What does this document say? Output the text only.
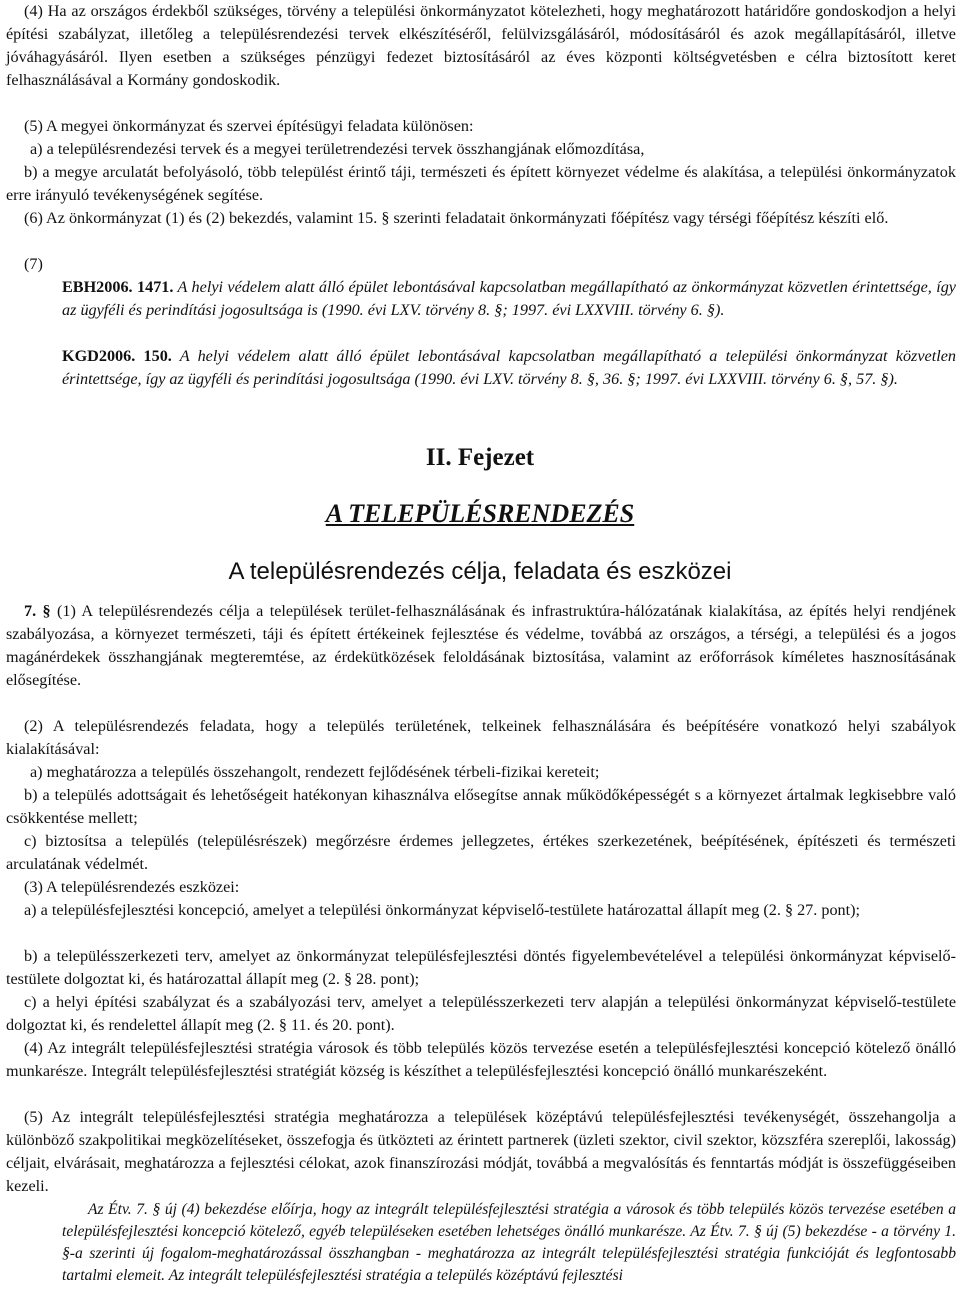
(4) Ha az országos érdekből szükséges, törvény a települési önkormányzatot kötelezheti, hogy meghatározott határidőre gondoskodjon a helyi építési szabályzat, illetőleg a településrendezési tervek elkészítéséről, felülvizsgálásáról, módosításáról és azok megállapításáról, illetve jóváhagyásáról. Ilyen esetben a szükséges pénzügyi fedezet biztosításáról az éves központi költségvetésben e célra biztosított keret felhasználásával a Kormány gondoskodik.
(5) A megyei önkormányzat és szervei építésügyi feladata különösen:
a) a településrendezési tervek és a megyei területrendezési tervek összhangjának előmozdítása,
b) a megye arculatát befolyásoló, több települést érintő táji, természeti és épített környezet védelme és alakítása, a települési önkormányzatok erre irányuló tevékenységének segítése.
(6) Az önkormányzat (1) és (2) bekezdés, valamint 15. § szerinti feladatait önkormányzati főépítész vagy térségi főépítész készíti elő.
(7)
EBH2006. 1471. A helyi védelem alatt álló épület lebontásával kapcsolatban megállapítható az önkormányzat közvetlen érintettsége, így az ügyféli és perindítási jogosultsága is (1990. évi LXV. törvény 8. §; 1997. évi LXXVIII. törvény 6. §).
KGD2006. 150. A helyi védelem alatt álló épület lebontásával kapcsolatban megállapítható a települési önkormányzat közvetlen érintettsége, így az ügyféli és perindítási jogosultsága (1990. évi LXV. törvény 8. §, 36. §; 1997. évi LXXVIII. törvény 6. §, 57. §).
II. Fejezet
A TELEPÜLÉSRENDEZÉS
A településrendezés célja, feladata és eszközei
7. § (1) A településrendezés célja a települések terület-felhasználásának és infrastruktúra-hálózatának kialakítása, az építés helyi rendjének szabályozása, a környezet természeti, táji és épített értékeinek fejlesztése és védelme, továbbá az országos, a térségi, a települési és a jogos magánérdekek összhangjának megteremtése, az érdekütközések feloldásának biztosítása, valamint az erőforrások kíméletes hasznosításának elősegítése.
(2) A településrendezés feladata, hogy a település területének, telkeinek felhasználására és beépítésére vonatkozó helyi szabályok kialakításával:
a) meghatározza a település összehangolt, rendezett fejlődésének térbeli-fizikai kereteit;
b) a település adottságait és lehetőségeit hatékonyan kihasználva elősegítse annak működőképességét s a környezet ártalmak legkisebbre való csökkentése mellett;
c) biztosítsa a település (településrészek) megőrzésre érdemes jellegzetes, értékes szerkezetének, beépítésének, építészeti és természeti arculatának védelmét.
(3) A településrendezés eszközei:
a) a településfejlesztési koncepció, amelyet a települési önkormányzat képviselő-testülete határozattal állapít meg (2. § 27. pont);
b) a településszerkezeti terv, amelyet az önkormányzat településfejlesztési döntés figyelembevételével a települési önkormányzat képviselő-testülete dolgoztat ki, és határozattal állapít meg (2. § 28. pont);
c) a helyi építési szabályzat és a szabályozási terv, amelyet a településszerkezeti terv alapján a települési önkormányzat képviselő-testülete dolgoztat ki, és rendelettel állapít meg (2. § 11. és 20. pont).
(4) Az integrált településfejlesztési stratégia városok és több település közös tervezése esetén a településfejlesztési koncepció kötelező önálló munkarésze. Integrált településfejlesztési stratégiát község is készíthet a településfejlesztési koncepció önálló munkarészeként.
(5) Az integrált településfejlesztési stratégia meghatározza a települések középtávú településfejlesztési tevékenységét, összehangolja a különböző szakpolitikai megközelítéseket, összefogja és ütközteti az érintett partnerek (üzleti szektor, civil szektor, közszféra szereplői, lakosság) céljait, elvárásait, meghatározza a fejlesztési célokat, azok finanszírozási módját, továbbá a megvalósítás és fenntartás módját is összefüggéseiben kezeli.
Az Étv. 7. § új (4) bekezdése előírja, hogy az integrált településfejlesztési stratégia a városok és több település közös tervezése esetében a településfejlesztési koncepció kötelező, egyéb településeken esetében lehetséges önálló munkarésze. Az Étv. 7. § új (5) bekezdése - a törvény 1. §-a szerinti új fogalom-meghatározással összhangban - meghatározza az integrált településfejlesztési stratégia funkcióját és legfontosabb tartalmi elemeit. Az integrált településfejlesztési stratégia a település középtávú fejlesztési
